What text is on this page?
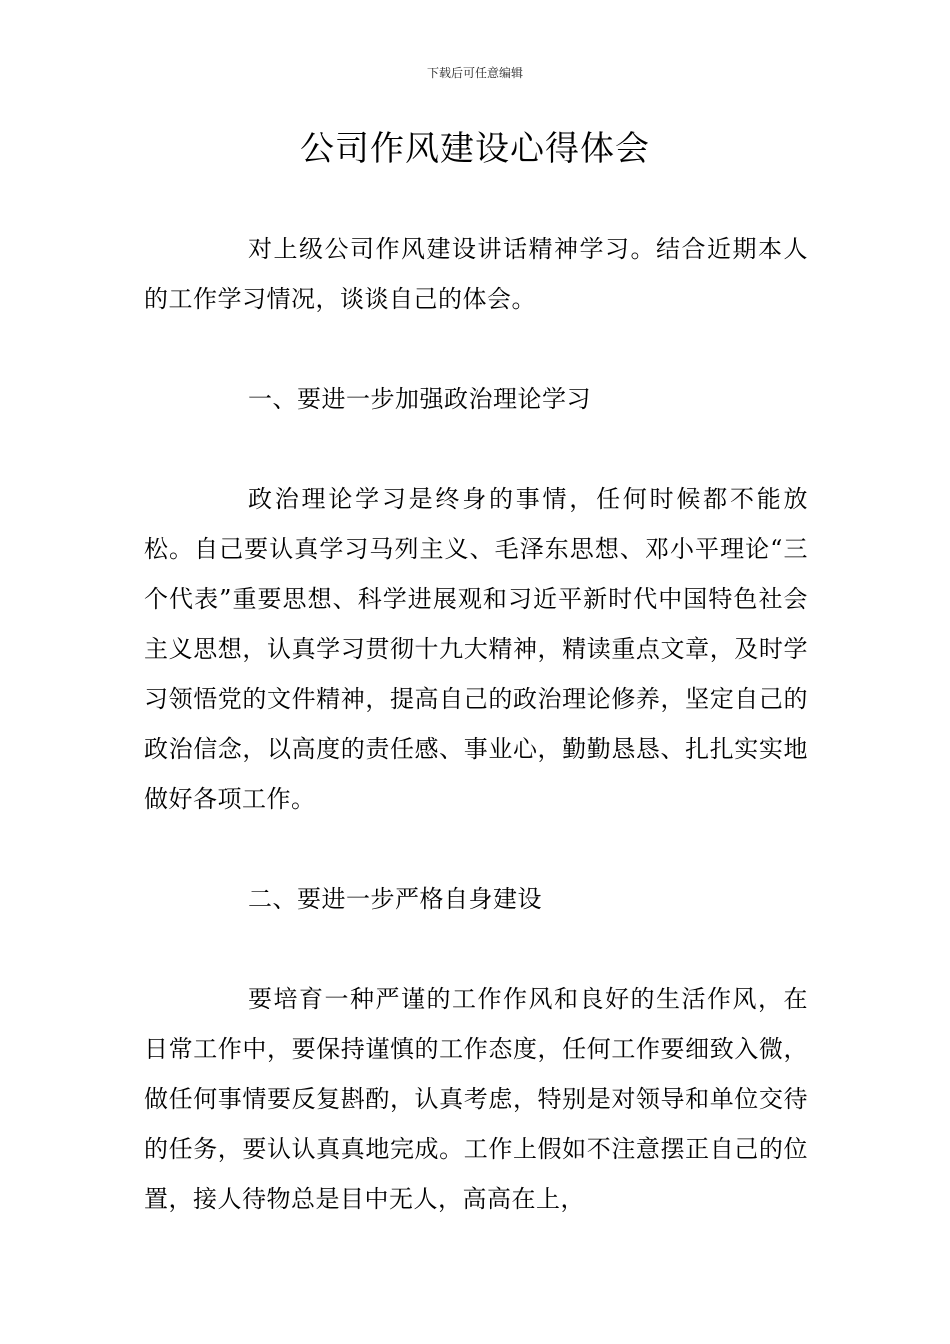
下载后可任意编辑
公司作风建设心得体会

对上级公司作风建设讲话精神学习。结合近期本人的工作学习情况，谈谈自己的体会。

一、要进一步加强政治理论学习

政治理论学习是终身的事情，任何时候都不能放松。自己要认真学习马列主义、毛泽东思想、邓小平理论“三个代表”重要思想、科学进展观和习近平新时代中国特色社会主义思想，认真学习贯彻十九大精神，精读重点文章，及时学习领悟党的文件精神，提高自己的政治理论修养，坚定自己的政治信念，以高度的责任感、事业心，勤勤恳恳、扎扎实实地做好各项工作。

二、要进一步严格自身建设

要培育一种严谨的工作作风和良好的生活作风，在日常工作中，要保持谨慎的工作态度，任何工作要细致入微，做任何事情要反复斟酌，认真考虑，特别是对领导和单位交待的任务，要认认真真地完成。工作上假如不注意摆正自己的位置，接人待物总是目中无人，高高在上，
